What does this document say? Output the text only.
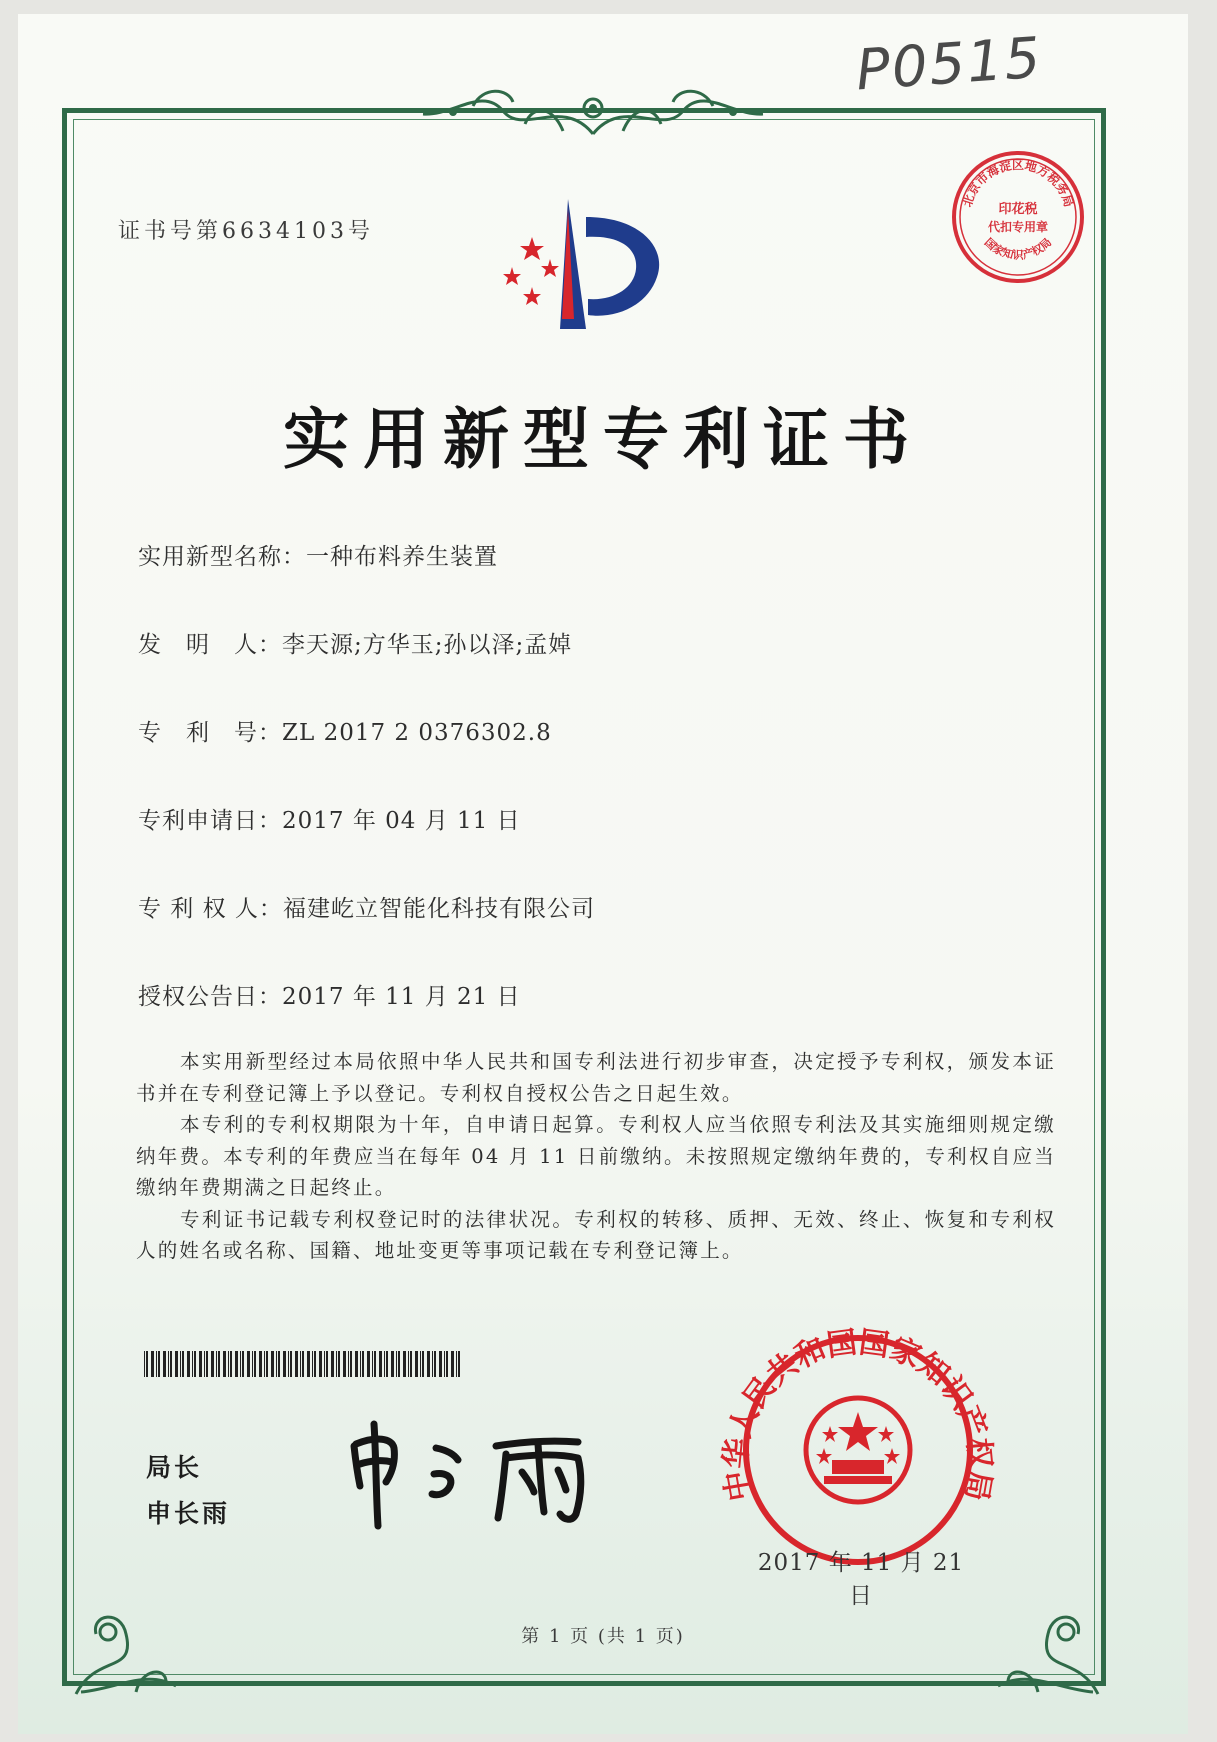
P0515
证书号第6634103号
北京市海淀区地方税务局
国家知识产权局
印花税
代扣专用章
实用新型专利证书
实用新型名称：一种布料养生装置
发　明　人：李天源;方华玉;孙以泽;孟婥
专　利　号：ZL 2017 2 0376302.8
专利申请日：2017 年 04 月 11 日
专 利 权 人：福建屹立智能化科技有限公司
授权公告日：2017 年 11 月 21 日

本实用新型经过本局依照中华人民共和国专利法进行初步审查，决定授予专利权，颁发本证书并在专利登记簿上予以登记。专利权自授权公告之日起生效。

本专利的专利权期限为十年，自申请日起算。专利权人应当依照专利法及其实施细则规定缴纳年费。本专利的年费应当在每年 04 月 11 日前缴纳。未按照规定缴纳年费的，专利权自应当缴纳年费期满之日起终止。

专利证书记载专利权登记时的法律状况。专利权的转移、质押、无效、终止、恢复和专利权人的姓名或名称、国籍、地址变更等事项记载在专利登记簿上。

局长
申长雨
中华人民共和国国家知识产权局
2017 年 11 月 21 日
第 1 页 (共 1 页)
